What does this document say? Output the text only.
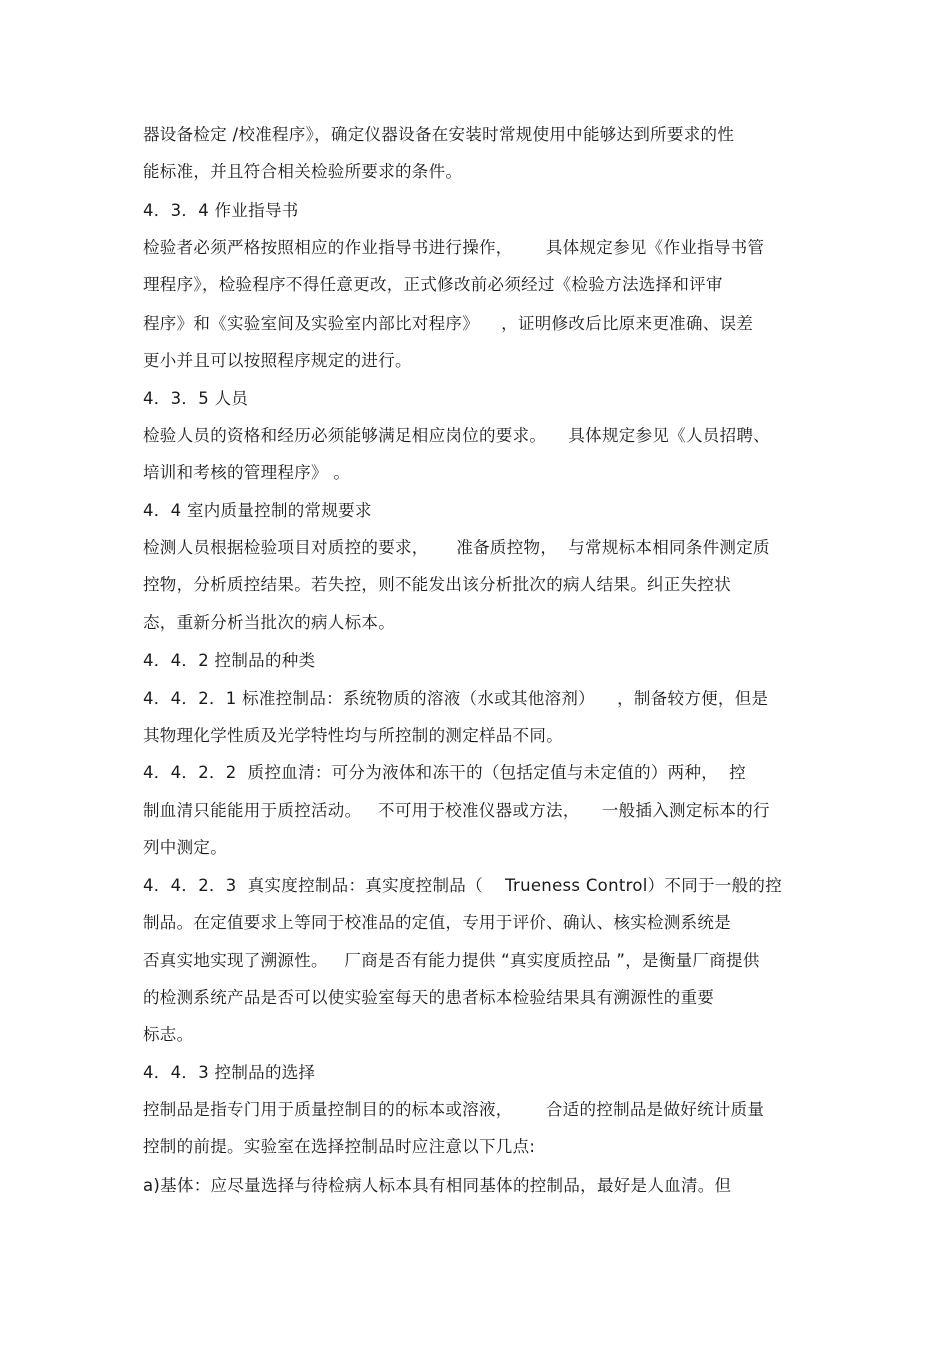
器设备检定 /校准程序》，确定仪器设备在安装时常规使用中能够达到所要求的性
能标准，并且符合相关检验所要求的条件。
4．3．4 作业指导书
检验者必须严格按照相应的作业指导书进行操作，      具体规定参见《作业指导书管
理程序》，检验程序不得任意更改，正式修改前必须经过《检验方法选择和评审
程序》和《实验室间及实验室内部比对程序》    ，证明修改后比原来更准确、误差
更小并且可以按照程序规定的进行。
4．3．5 人员
检验人员的资格和经历必须能够满足相应岗位的要求。    具体规定参见《人员招聘、
培训和考核的管理程序》 。
4．4 室内质量控制的常规要求
检测人员根据检验项目对质控的要求，     准备质控物，  与常规标本相同条件测定质
控物，分析质控结果。若失控，则不能发出该分析批次的病人结果。纠正失控状
态，重新分析当批次的病人标本。
4．4．2 控制品的种类
4．4．2．1 标准控制品：系统物质的溶液（水或其他溶剂）    ，制备较方便，但是
其物理化学性质及光学特性均与所控制的测定样品不同。
4．4．2．2  质控血清：可分为液体和冻干的（包括定值与未定值的）两种，  控
制血清只能能用于质控活动。   不可用于校准仪器或方法，    一般插入测定标本的行
列中测定。
4．4．2．3  真实度控制品：真实度控制品（    Trueness Control）不同于一般的控
制品。在定值要求上等同于校准品的定值，专用于评价、确认、核实检测系统是
否真实地实现了溯源性。   厂商是否有能力提供 “真实度质控品 ”，是衡量厂商提供
的检测系统产品是否可以使实验室每天的患者标本检验结果具有溯源性的重要
标志。
4．4．3 控制品的选择
控制品是指专门用于质量控制目的的标本或溶液，      合适的控制品是做好统计质量
控制的前提。实验室在选择控制品时应注意以下几点:
a)基体：应尽量选择与待检病人标本具有相同基体的控制品，最好是人血清。但
